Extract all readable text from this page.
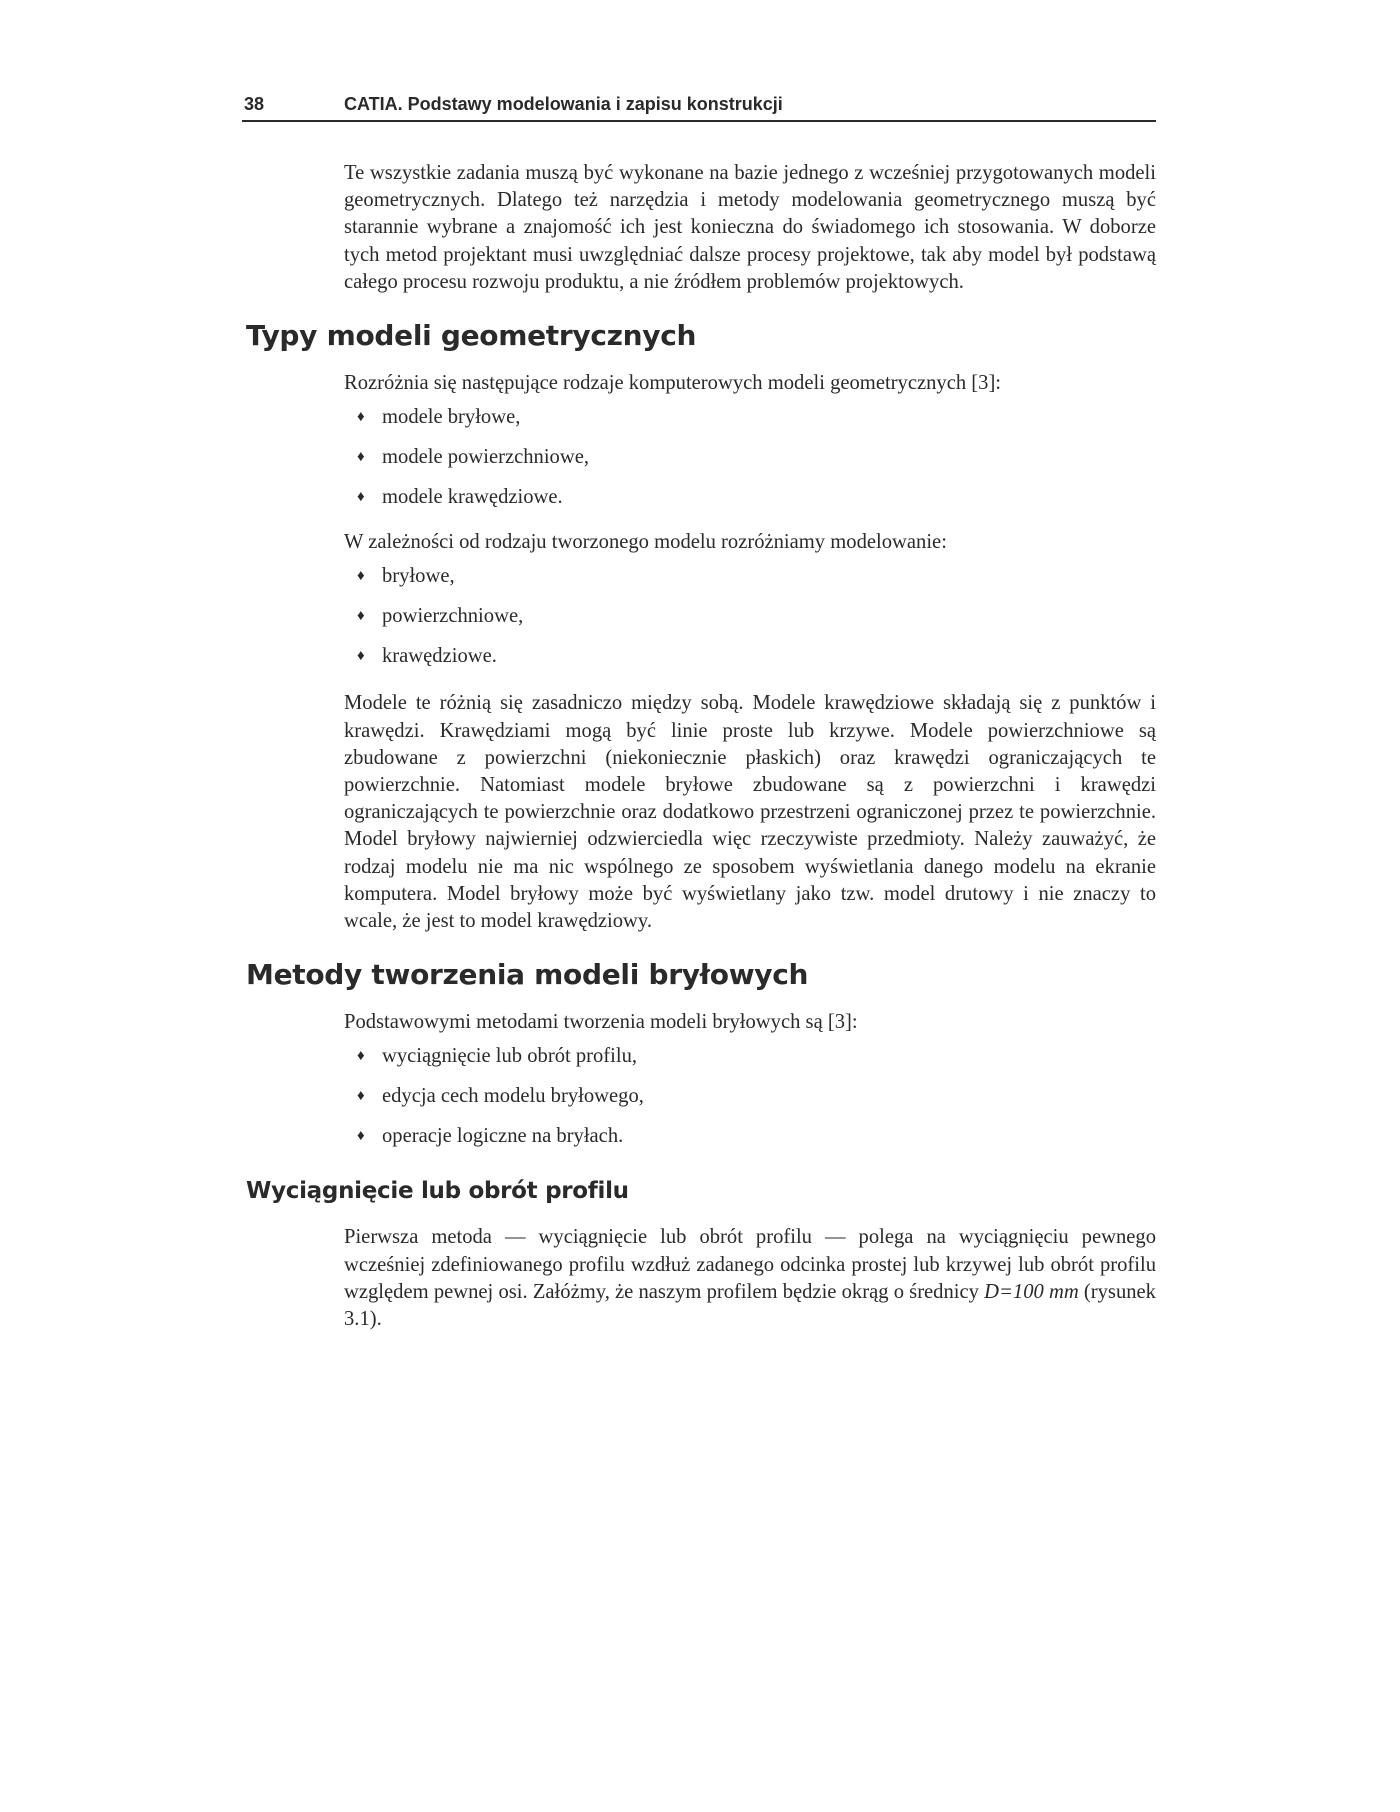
38	CATIA. Podstawy modelowania i zapisu konstrukcji

Te wszystkie zadania muszą być wykonane na bazie jednego z wcześniej przygotowanych modeli geometrycznych. Dlatego też narzędzia i metody modelowania geometrycznego muszą być starannie wybrane a znajomość ich jest konieczna do świadomego ich stosowania. W doborze tych metod projektant musi uwzględniać dalsze procesy projektowe, tak aby model był podstawą całego procesu rozwoju produktu, a nie źródłem problemów projektowych.

Typy modeli geometrycznych

Rozróżnia się następujące rodzaje komputerowych modeli geometrycznych [3]:

♦ modele bryłowe,
♦ modele powierzchniowe,
♦ modele krawędziowe.

W zależności od rodzaju tworzonego modelu rozróżniamy modelowanie:

♦ bryłowe,
♦ powierzchniowe,
♦ krawędziowe.

Modele te różnią się zasadniczo między sobą. Modele krawędziowe składają się z punktów i krawędzi. Krawędziami mogą być linie proste lub krzywe. Modele powierzchniowe są zbudowane z powierzchni (niekoniecznie płaskich) oraz krawędzi ograniczających te powierzchnie. Natomiast modele bryłowe zbudowane są z powierzchni i krawędzi ograniczających te powierzchnie oraz dodatkowo przestrzeni ograniczonej przez te powierzchnie. Model bryłowy najwierniej odzwierciedla więc rzeczywiste przedmioty. Należy zauważyć, że rodzaj modelu nie ma nic wspólnego ze sposobem wyświetlania danego modelu na ekranie komputera. Model bryłowy może być wyświetlany jako tzw. model drutowy i nie znaczy to wcale, że jest to model krawędziowy.

Metody tworzenia modeli bryłowych

Podstawowymi metodami tworzenia modeli bryłowych są [3]:

♦ wyciągnięcie lub obrót profilu,
♦ edycja cech modelu bryłowego,
♦ operacje logiczne na bryłach.
Wyciągnięcie lub obrót profilu

Pierwsza metoda — wyciągnięcie lub obrót profilu — polega na wyciągnięciu pewnego wcześniej zdefiniowanego profilu wzdłuż zadanego odcinka prostej lub krzywej lub obrót profilu względem pewnej osi. Załóżmy, że naszym profilem będzie okrąg o średnicy D=100 mm (rysunek 3.1).
